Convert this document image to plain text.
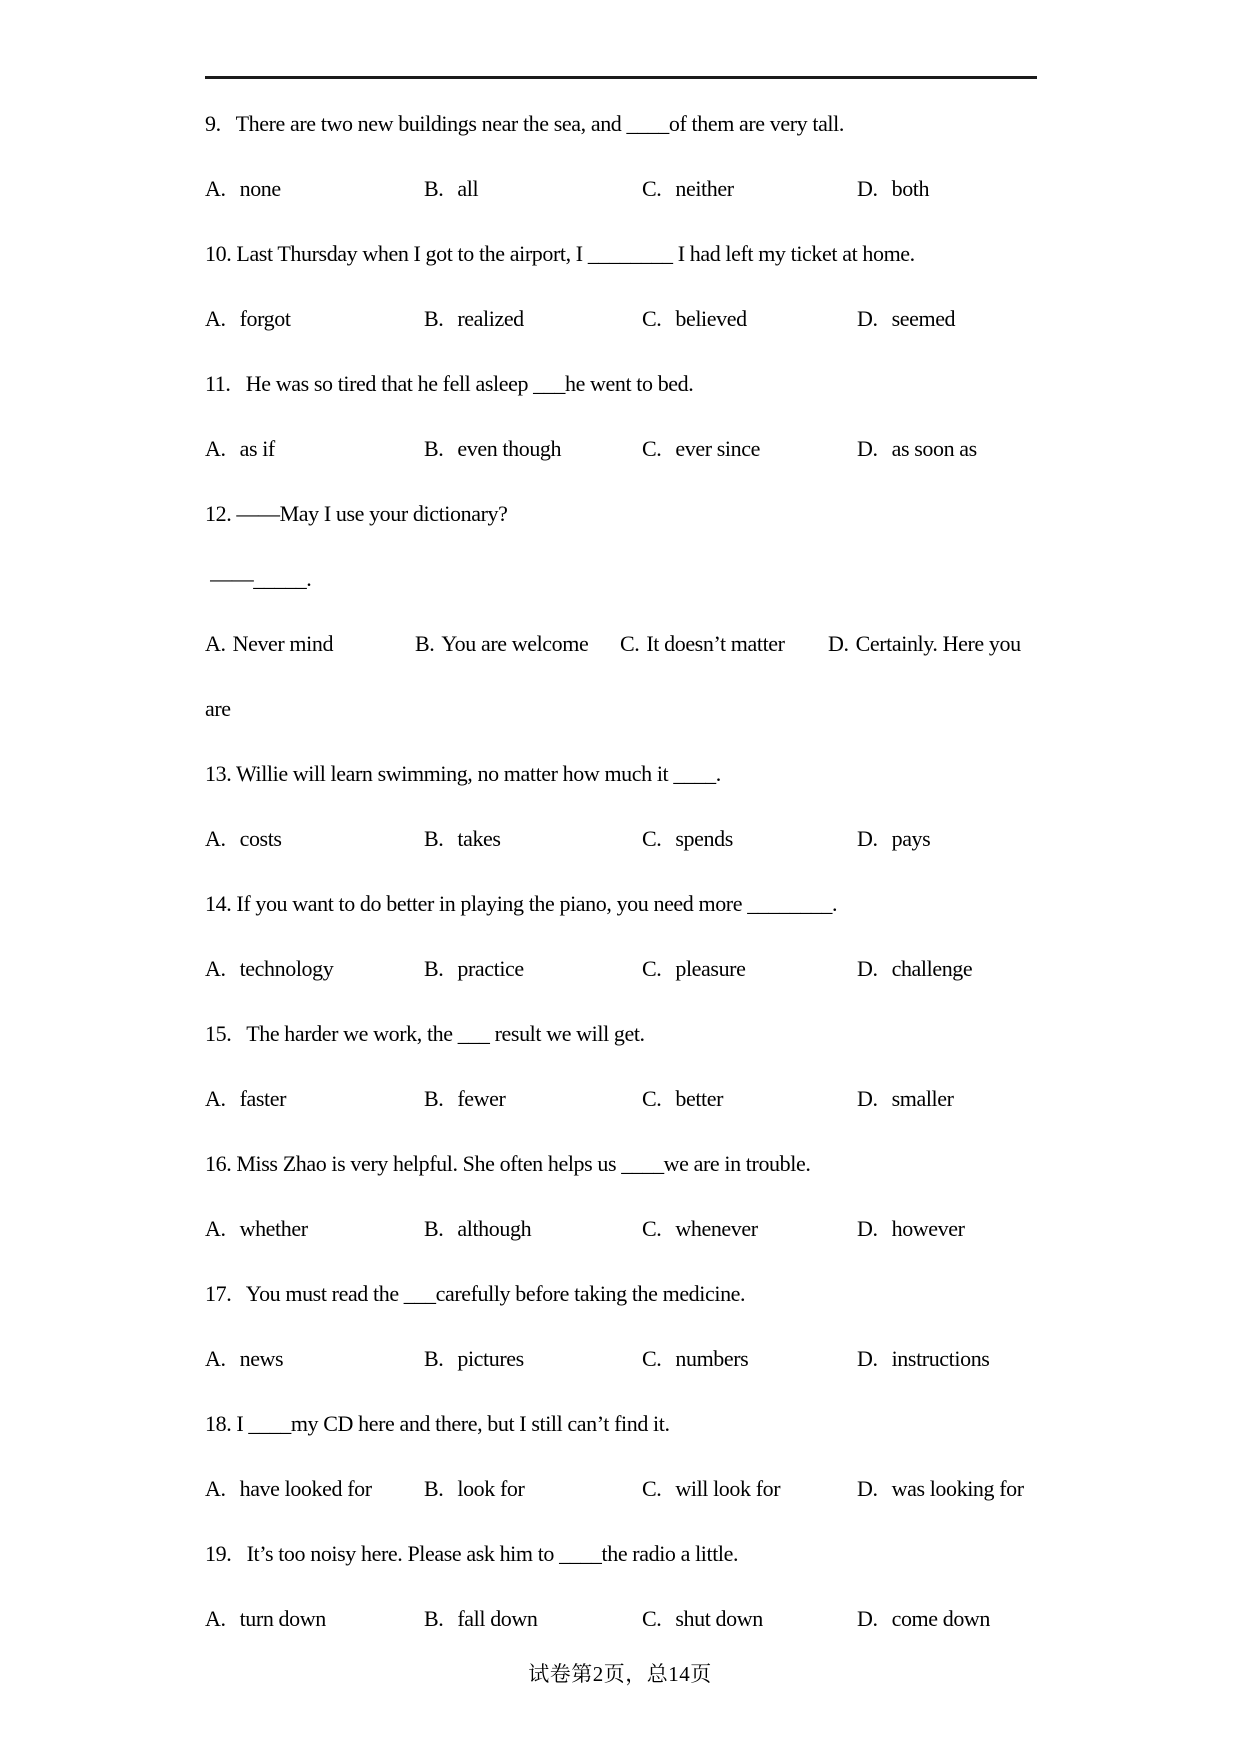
9.   There are two new buildings near the sea, and ____of them are very tall.
A. none	B. all	C. neither	D. both
10. Last Thursday when I got to the airport, I ________ I had left my ticket at home.
A. forgot	B. realized	C. believed	D. seemed
11.   He was so tired that he fell asleep ___he went to bed.
A. as if	B. even though	C. ever since	D. as soon as
12. ——May I use your dictionary?
——_____.
A. Never mind	B. You are welcome C. It doesn’t matter D. Certainly. Here you
are
13. Willie will learn swimming, no matter how much it ____.
A. costs	B. takes	C. spends	D. pays
14. If you want to do better in playing the piano, you need more ________.
A. technology	B. practice	C. pleasure	D. challenge
15.   The harder we work, the ___ result we will get.
A. faster	B. fewer	C. better	D. smaller
16. Miss Zhao is very helpful. She often helps us ____we are in trouble.
A. whether	B. although	C. whenever	D. however
17.   You must read the ___carefully before taking the medicine.
A. news	B. pictures	C. numbers	D. instructions
18. I ____my CD here and there, but I still can’t find it.
A. have looked for B. look for	C. will look for	D. was looking for
19.   It’s too noisy here. Please ask him to ____the radio a little.
A. turn down	B. fall down	C. shut down	D. come down
试卷第2页，总14页
